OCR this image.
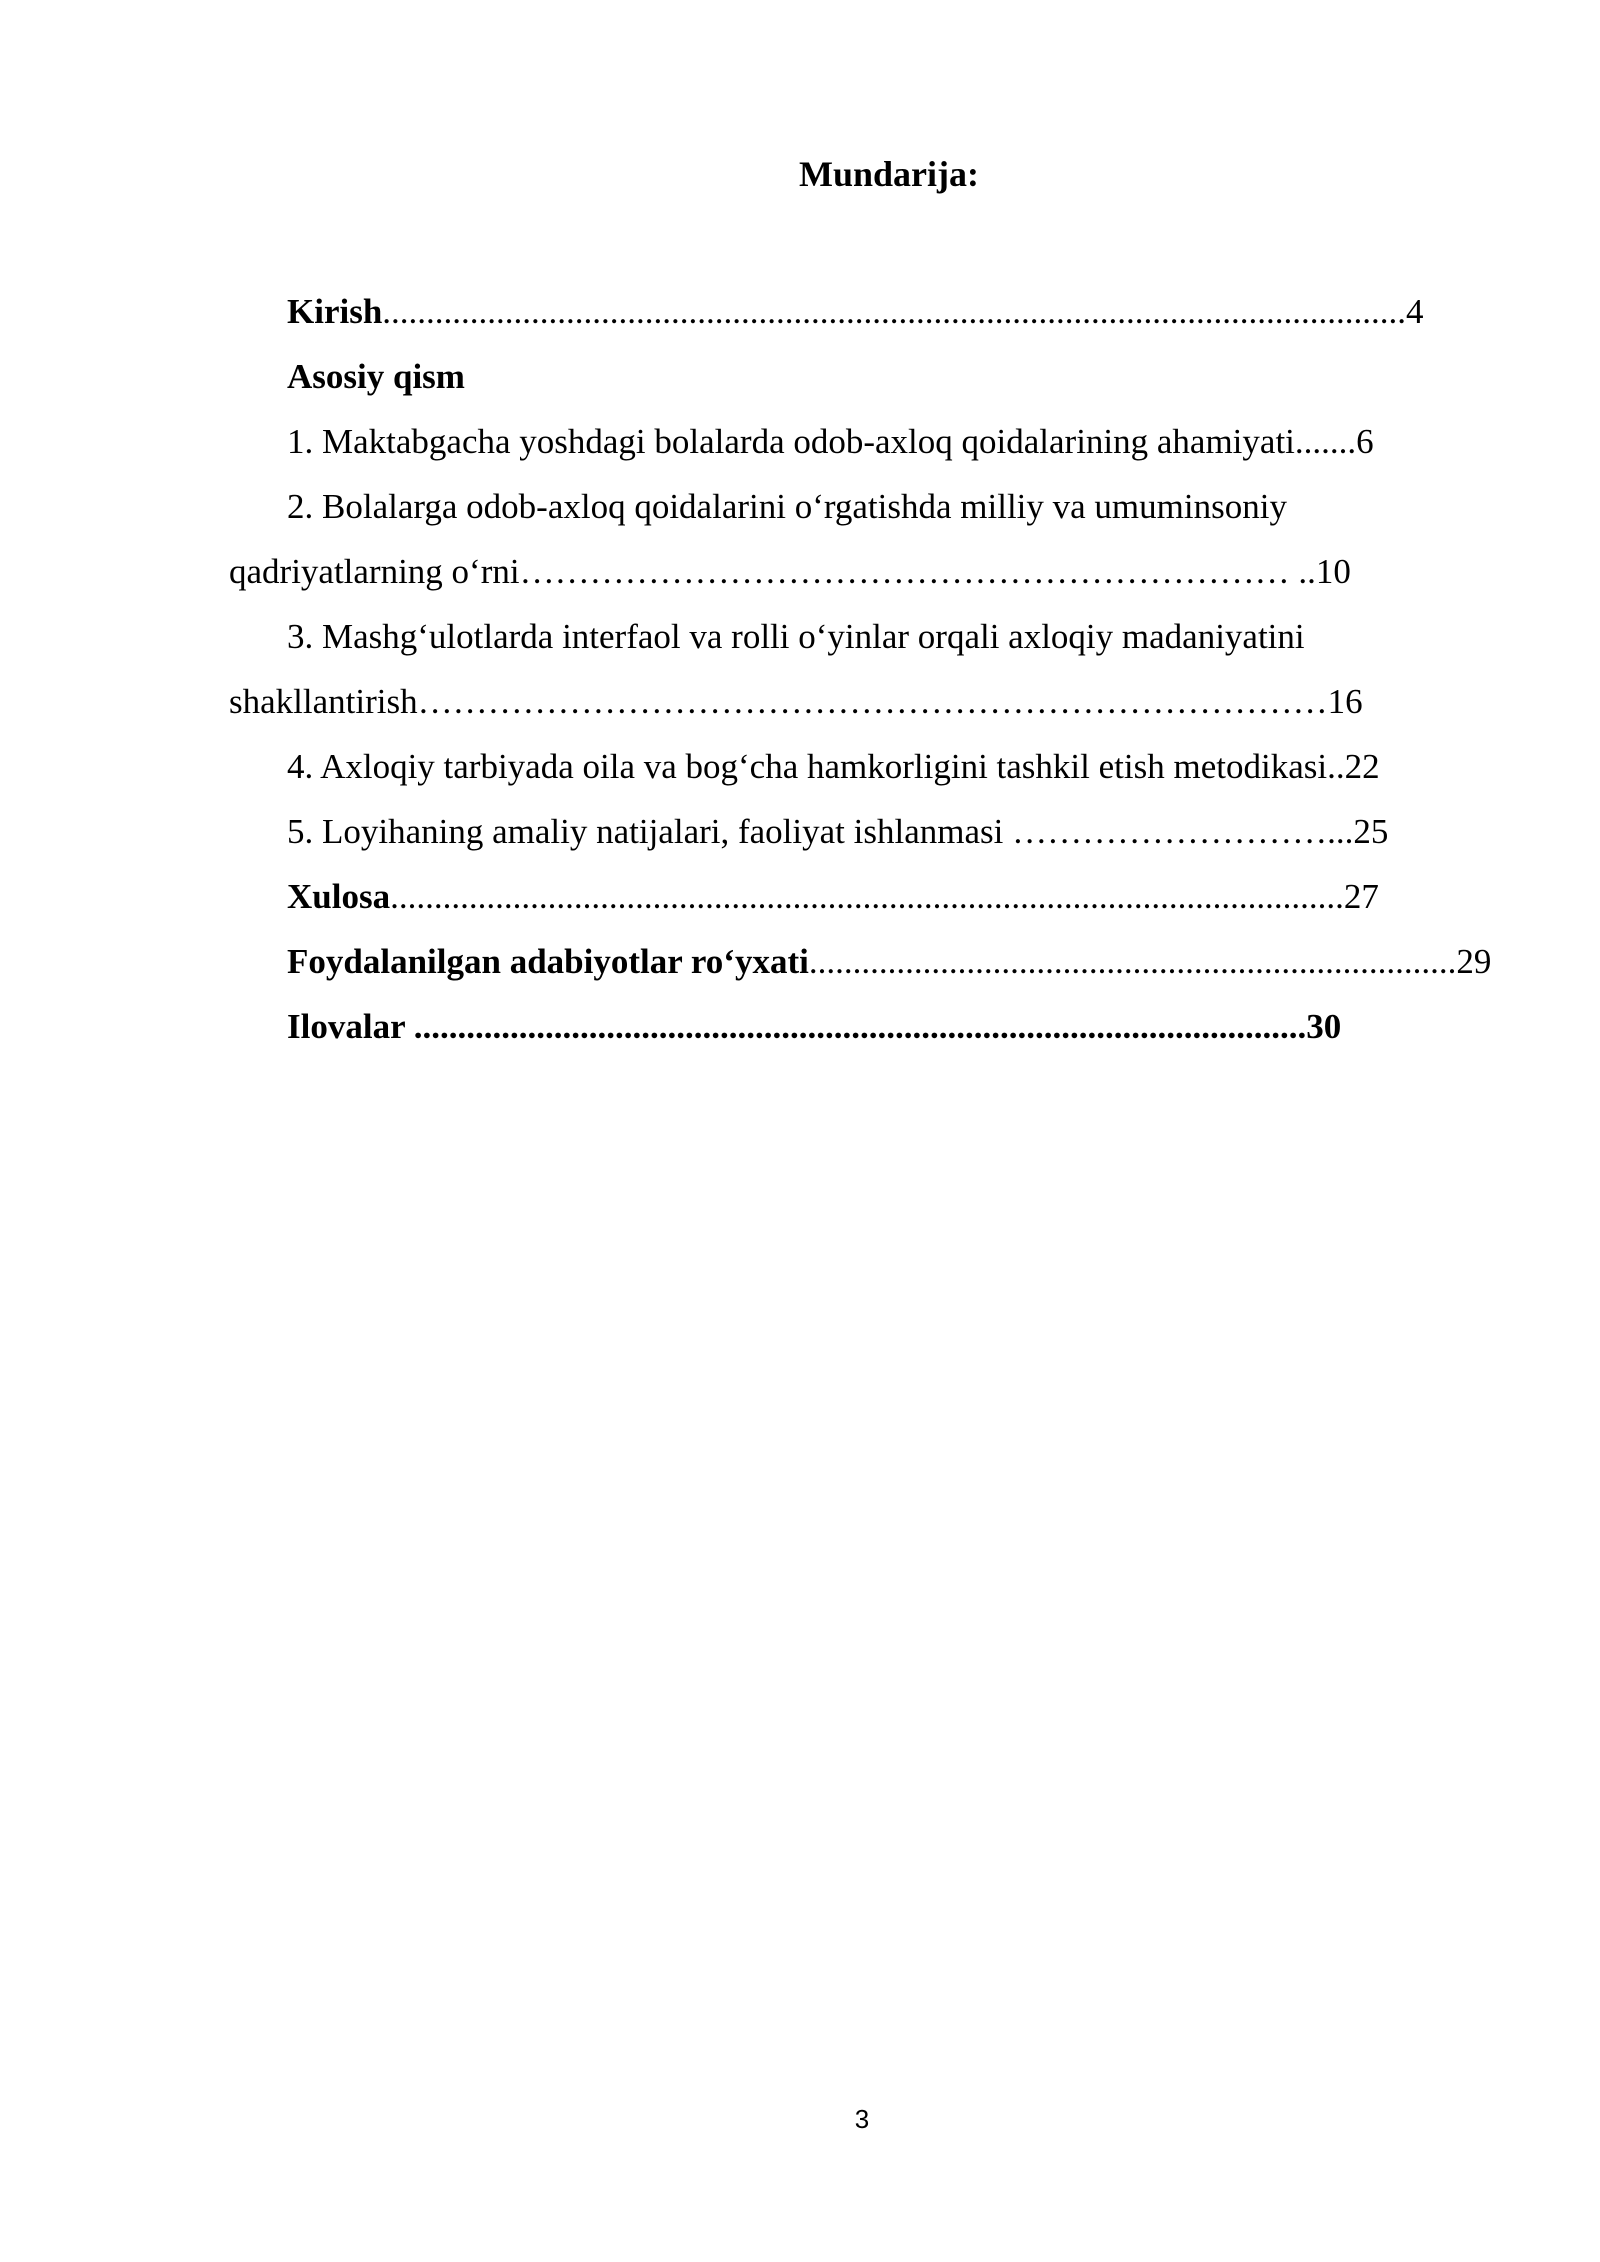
Mundarija:
Kirish.....................................................................................................................4
Asosiy qism
1. Maktabgacha yoshdagi bolalarda odob-axloq qoidalarining ahamiyati.......6
2. Bolalarga odob-axloq qoidalarini o‘rgatishda milliy va umuminsoniy
qadriyatlarning o‘rni………………………………………………………… ..10
3. Mashg‘ulotlarda interfaol va rolli o‘yinlar orqali axloqiy madaniyatini
shakllantirish……………………………………………………………………16
4. Axloqiy tarbiyada oila va bog‘cha hamkorligini tashkil etish metodikasi..22
5. Loyihaning amaliy natijalari, faoliyat ishlanmasi ………………………...25
Xulosa.............................................................................................................27
Foydalanilgan adabiyotlar ro‘yxati..........................................................................29
Ilovalar ......................................................................................................30
3
